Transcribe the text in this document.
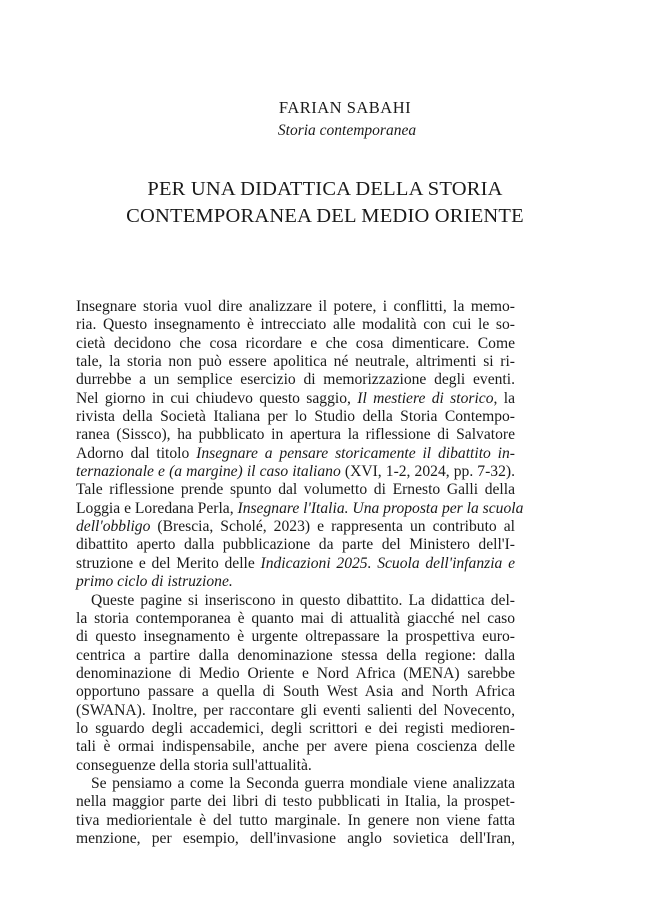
FARIAN SABAHI
Storia contemporanea
PER UNA DIDATTICA DELLA STORIA
CONTEMPORANEA DEL MEDIO ORIENTE
Insegnare storia vuol dire analizzare il potere, i conflitti, la memo-
ria. Questo insegnamento è intrecciato alle modalità con cui le so-
cietà decidono che cosa ricordare e che cosa dimenticare. Come
tale, la storia non può essere apolitica né neutrale, altrimenti si ri-
durrebbe a un semplice esercizio di memorizzazione degli eventi.
Nel giorno in cui chiudevo questo saggio, Il mestiere di storico, la
rivista della Società Italiana per lo Studio della Storia Contempo-
ranea (Sissco), ha pubblicato in apertura la riflessione di Salvatore
Adorno dal titolo Insegnare a pensare storicamente il dibattito in-
ternazionale e (a margine) il caso italiano (XVI, 1-2, 2024, pp. 7-32).
Tale riflessione prende spunto dal volumetto di Ernesto Galli della
Loggia e Loredana Perla, Insegnare l'Italia. Una proposta per la scuola
dell'obbligo (Brescia, Scholé, 2023) e rappresenta un contributo al
dibattito aperto dalla pubblicazione da parte del Ministero dell'I-
struzione e del Merito delle Indicazioni 2025. Scuola dell'infanzia e
primo ciclo di istruzione.
Queste pagine si inseriscono in questo dibattito. La didattica del-
la storia contemporanea è quanto mai di attualità giacché nel caso
di questo insegnamento è urgente oltrepassare la prospettiva euro-
centrica a partire dalla denominazione stessa della regione: dalla
denominazione di Medio Oriente e Nord Africa (MENA) sarebbe
opportuno passare a quella di South West Asia and North Africa
(SWANA). Inoltre, per raccontare gli eventi salienti del Novecento,
lo sguardo degli accademici, degli scrittori e dei registi medioren-
tali è ormai indispensabile, anche per avere piena coscienza delle
conseguenze della storia sull'attualità.
Se pensiamo a come la Seconda guerra mondiale viene analizzata
nella maggior parte dei libri di testo pubblicati in Italia, la prospet-
tiva mediorientale è del tutto marginale. In genere non viene fatta
menzione, per esempio, dell'invasione anglo sovietica dell'Iran,
